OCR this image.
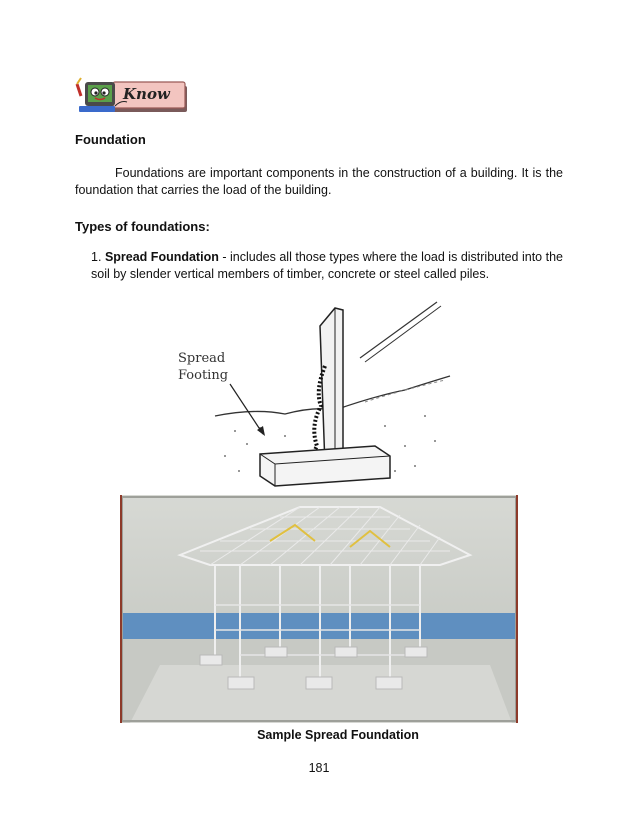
Know
Foundation
Foundations are important components in the construction of a building. It is the foundation that carries the load of the building.
Types of foundations:
1. Spread Foundation - includes all those types where the load is distributed into the soil by slender vertical members of timber, concrete or steel called piles.
Spread
Footing
Sample Spread Foundation
181
